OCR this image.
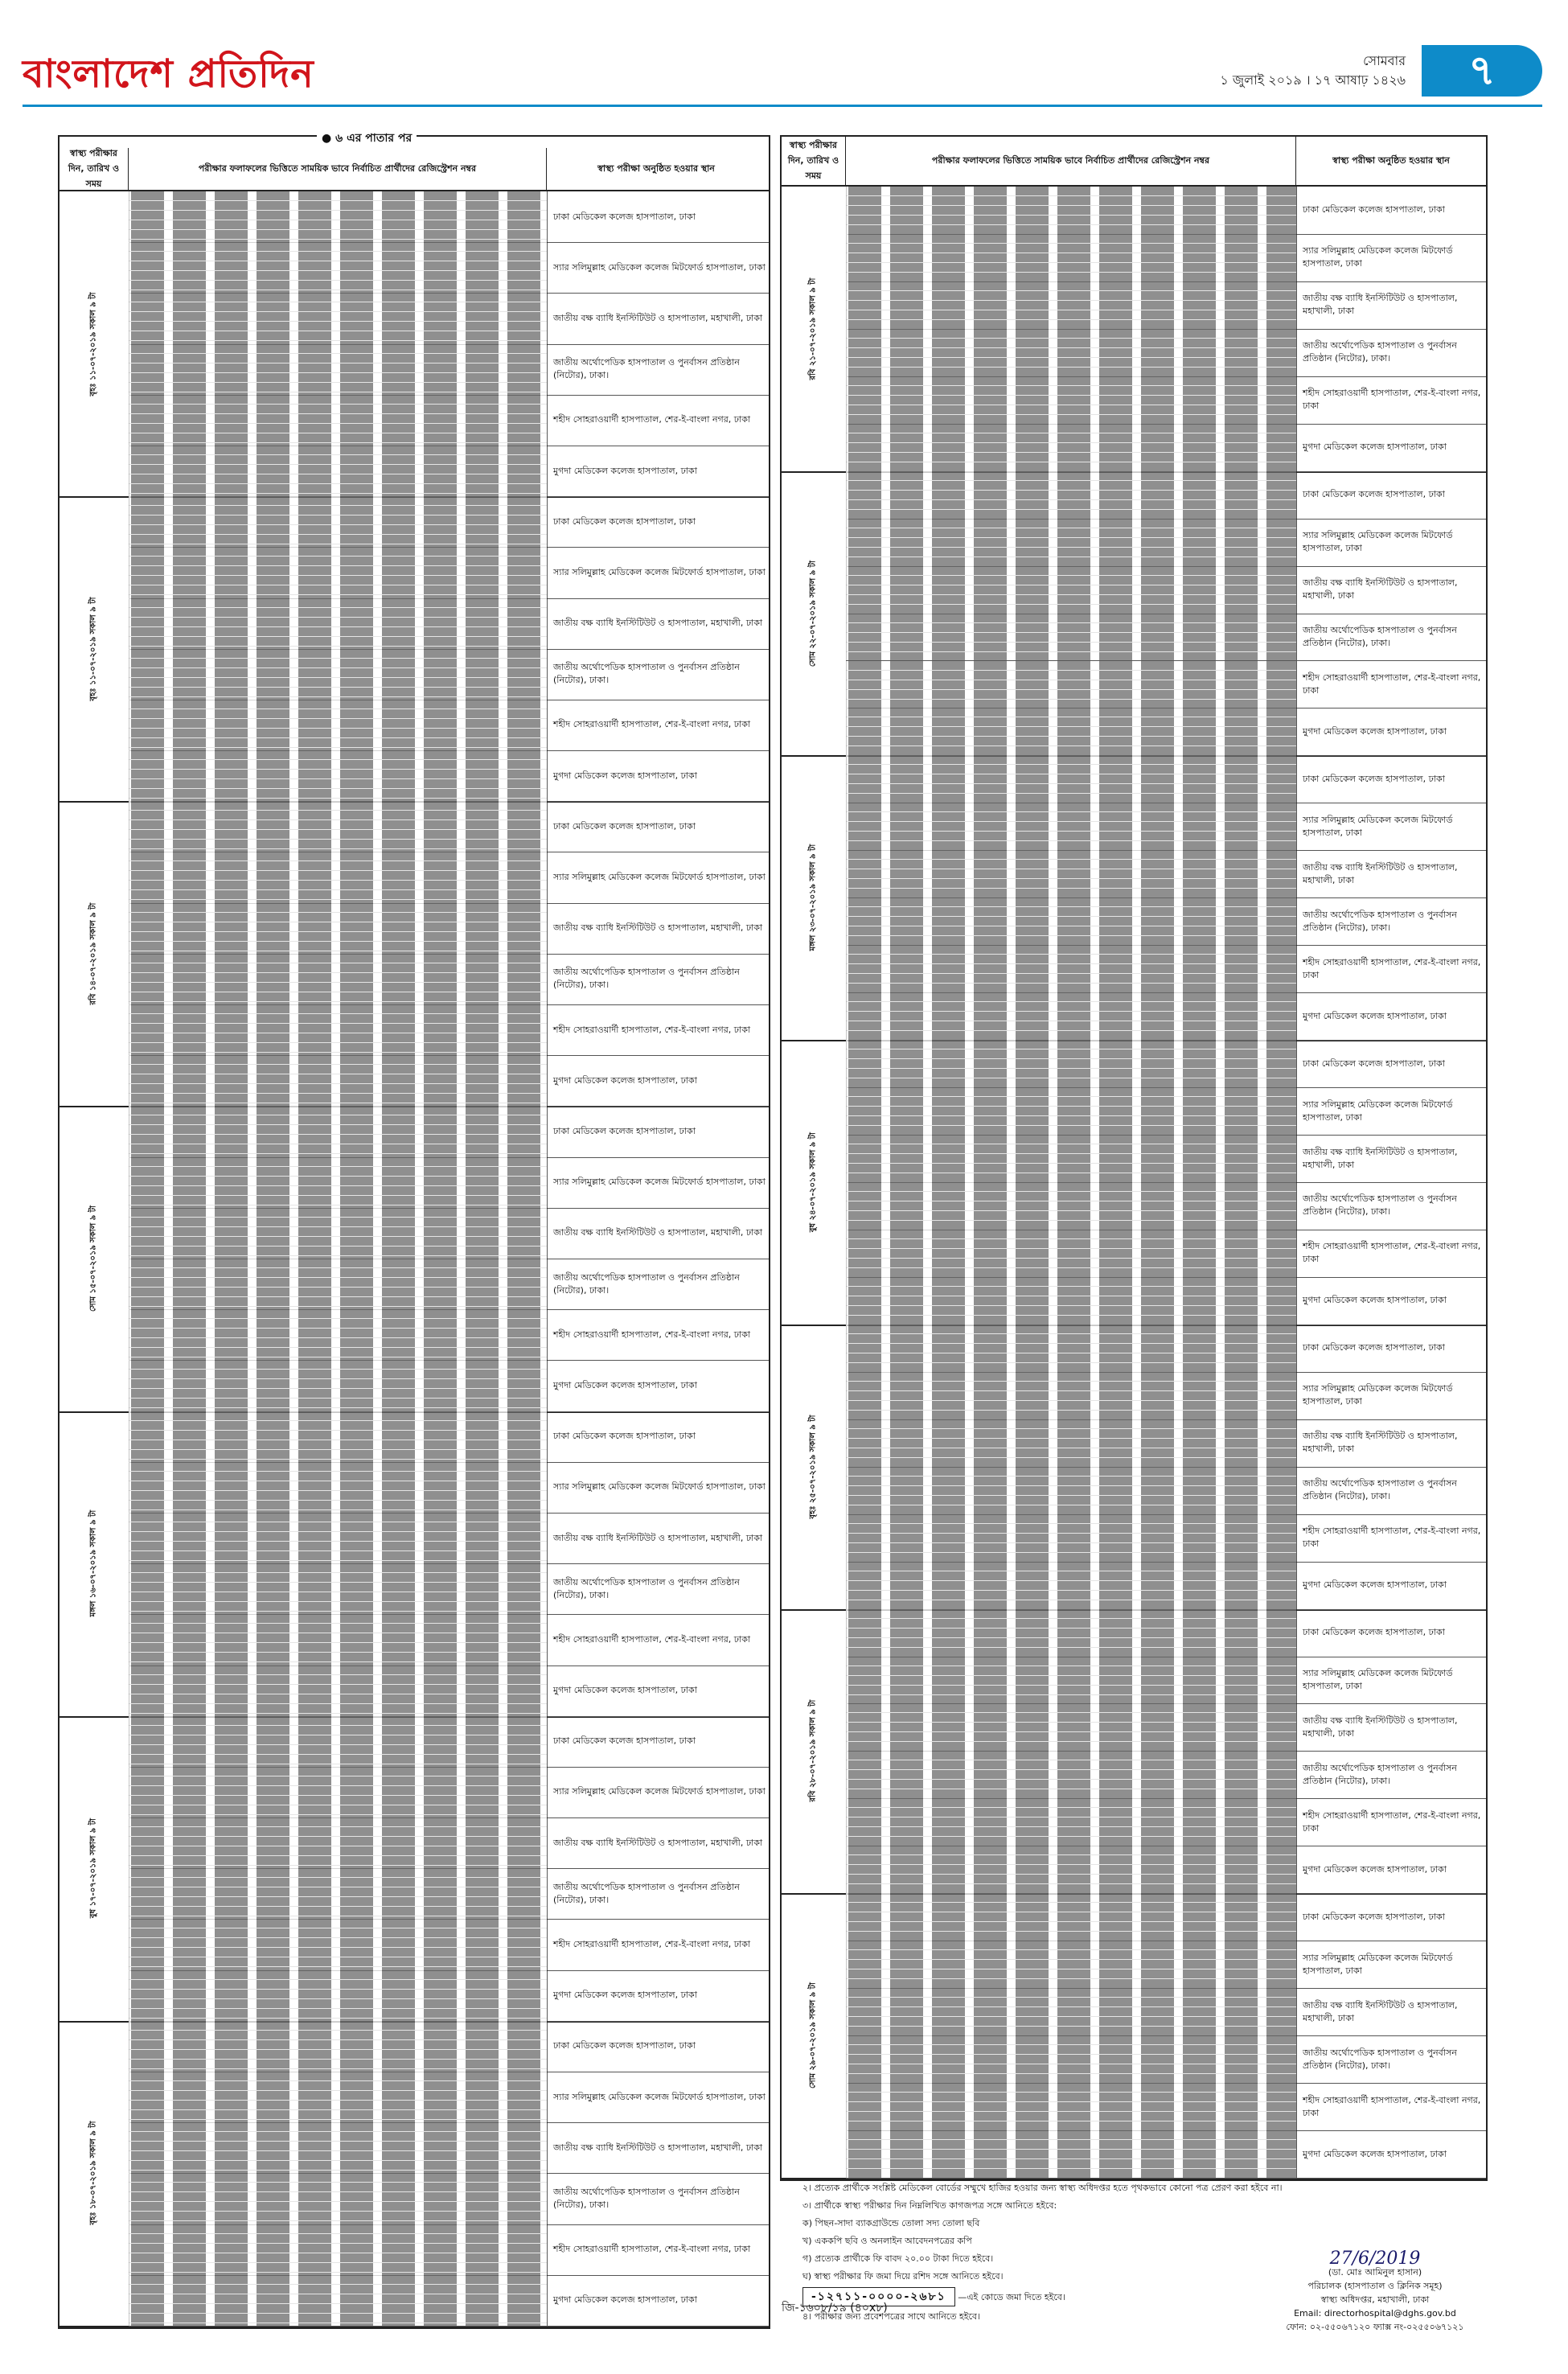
বাংলাদেশ প্রতিদিন	সোমবার
১ জুলাই ২০১৯ । ১৭ আষাঢ় ১৪২৬	৭
● ৬ এর পাতার পর
স্বাস্থ্য পরীক্ষার দিন, তারিখ ও সময়
পরীক্ষার ফলাফলের ভিত্তিতে সাময়িক ভাবে নির্বাচিত প্রার্থীদের রেজিস্ট্রেশন নম্বর	স্বাস্থ্য পরীক্ষা অনুষ্ঠিত হওয়ার স্থান
বৃহঃ ১১-০৭-২০১৯ সকাল ৯ টা
ঢাকা মেডিকেল কলেজ হাসপাতাল, ঢাকা
স্যার সলিমুল্লাহ মেডিকেল কলেজ মিটফোর্ড হাসপাতাল, ঢাকা
জাতীয় বক্ষ ব্যাধি ইনস্টিটিউট ও হাসপাতাল, মহাখালী, ঢাকা
জাতীয় অর্থোপেডিক হাসপাতাল ও পুনর্বাসন প্রতিষ্ঠান (নিটোর), ঢাকা।
শহীদ সোহরাওয়ার্দী হাসপাতাল, শের-ই-বাংলা নগর, ঢাকা
মুগদা মেডিকেল কলেজ হাসপাতাল, ঢাকা
বৃহঃ ১১-০৭-২০১৯ সকাল ৯ টা
ঢাকা মেডিকেল কলেজ হাসপাতাল, ঢাকা
স্যার সলিমুল্লাহ মেডিকেল কলেজ মিটফোর্ড হাসপাতাল, ঢাকা
জাতীয় বক্ষ ব্যাধি ইনস্টিটিউট ও হাসপাতাল, মহাখালী, ঢাকা
জাতীয় অর্থোপেডিক হাসপাতাল ও পুনর্বাসন প্রতিষ্ঠান (নিটোর), ঢাকা।
শহীদ সোহরাওয়ার্দী হাসপাতাল, শের-ই-বাংলা নগর, ঢাকা
মুগদা মেডিকেল কলেজ হাসপাতাল, ঢাকা
রবি ১৪-০৭-২০১৯ সকাল ৯ টা
ঢাকা মেডিকেল কলেজ হাসপাতাল, ঢাকা
স্যার সলিমুল্লাহ মেডিকেল কলেজ মিটফোর্ড হাসপাতাল, ঢাকা
জাতীয় বক্ষ ব্যাধি ইনস্টিটিউট ও হাসপাতাল, মহাখালী, ঢাকা
জাতীয় অর্থোপেডিক হাসপাতাল ও পুনর্বাসন প্রতিষ্ঠান (নিটোর), ঢাকা।
শহীদ সোহরাওয়ার্দী হাসপাতাল, শের-ই-বাংলা নগর, ঢাকা
মুগদা মেডিকেল কলেজ হাসপাতাল, ঢাকা
সোম ১৫-০৭-২০১৯ সকাল ৯ টা
ঢাকা মেডিকেল কলেজ হাসপাতাল, ঢাকা
স্যার সলিমুল্লাহ মেডিকেল কলেজ মিটফোর্ড হাসপাতাল, ঢাকা
জাতীয় বক্ষ ব্যাধি ইনস্টিটিউট ও হাসপাতাল, মহাখালী, ঢাকা
জাতীয় অর্থোপেডিক হাসপাতাল ও পুনর্বাসন প্রতিষ্ঠান (নিটোর), ঢাকা।
শহীদ সোহরাওয়ার্দী হাসপাতাল, শের-ই-বাংলা নগর, ঢাকা
মুগদা মেডিকেল কলেজ হাসপাতাল, ঢাকা
মঙ্গল ১৬-০৭-২০১৯ সকাল ৯ টা
ঢাকা মেডিকেল কলেজ হাসপাতাল, ঢাকা
স্যার সলিমুল্লাহ মেডিকেল কলেজ মিটফোর্ড হাসপাতাল, ঢাকা
জাতীয় বক্ষ ব্যাধি ইনস্টিটিউট ও হাসপাতাল, মহাখালী, ঢাকা
জাতীয় অর্থোপেডিক হাসপাতাল ও পুনর্বাসন প্রতিষ্ঠান (নিটোর), ঢাকা।
শহীদ সোহরাওয়ার্দী হাসপাতাল, শের-ই-বাংলা নগর, ঢাকা
মুগদা মেডিকেল কলেজ হাসপাতাল, ঢাকা
বুধ ১৭-০৭-২০১৯ সকাল ৯ টা
ঢাকা মেডিকেল কলেজ হাসপাতাল, ঢাকা
স্যার সলিমুল্লাহ মেডিকেল কলেজ মিটফোর্ড হাসপাতাল, ঢাকা
জাতীয় বক্ষ ব্যাধি ইনস্টিটিউট ও হাসপাতাল, মহাখালী, ঢাকা
জাতীয় অর্থোপেডিক হাসপাতাল ও পুনর্বাসন প্রতিষ্ঠান (নিটোর), ঢাকা।
শহীদ সোহরাওয়ার্দী হাসপাতাল, শের-ই-বাংলা নগর, ঢাকা
মুগদা মেডিকেল কলেজ হাসপাতাল, ঢাকা
বৃহঃ ১৮-০৭-২০১৯ সকাল ৯ টা
ঢাকা মেডিকেল কলেজ হাসপাতাল, ঢাকা
স্যার সলিমুল্লাহ মেডিকেল কলেজ মিটফোর্ড হাসপাতাল, ঢাকা
জাতীয় বক্ষ ব্যাধি ইনস্টিটিউট ও হাসপাতাল, মহাখালী, ঢাকা
জাতীয় অর্থোপেডিক হাসপাতাল ও পুনর্বাসন প্রতিষ্ঠান (নিটোর), ঢাকা।
শহীদ সোহরাওয়ার্দী হাসপাতাল, শের-ই-বাংলা নগর, ঢাকা
মুগদা মেডিকেল কলেজ হাসপাতাল, ঢাকা
স্বাস্থ্য পরীক্ষার দিন, তারিখ ও সময়
পরীক্ষার ফলাফলের ভিত্তিতে সাময়িক ভাবে নির্বাচিত প্রার্থীদের রেজিস্ট্রেশন নম্বর	স্বাস্থ্য পরীক্ষা অনুষ্ঠিত হওয়ার স্থান
রবি ২১-০৭-২০১৯ সকাল ৯ টা
ঢাকা মেডিকেল কলেজ হাসপাতাল, ঢাকা
স্যার সলিমুল্লাহ মেডিকেল কলেজ মিটফোর্ড হাসপাতাল, ঢাকা
জাতীয় বক্ষ ব্যাধি ইনস্টিটিউট ও হাসপাতাল, মহাখালী, ঢাকা
জাতীয় অর্থোপেডিক হাসপাতাল ও পুনর্বাসন প্রতিষ্ঠান (নিটোর), ঢাকা।
শহীদ সোহরাওয়ার্দী হাসপাতাল, শের-ই-বাংলা নগর, ঢাকা
মুগদা মেডিকেল কলেজ হাসপাতাল, ঢাকা
সোম ২২-০৭-২০১৯ সকাল ৯ টা
ঢাকা মেডিকেল কলেজ হাসপাতাল, ঢাকা
স্যার সলিমুল্লাহ মেডিকেল কলেজ মিটফোর্ড হাসপাতাল, ঢাকা
জাতীয় বক্ষ ব্যাধি ইনস্টিটিউট ও হাসপাতাল, মহাখালী, ঢাকা
জাতীয় অর্থোপেডিক হাসপাতাল ও পুনর্বাসন প্রতিষ্ঠান (নিটোর), ঢাকা।
শহীদ সোহরাওয়ার্দী হাসপাতাল, শের-ই-বাংলা নগর, ঢাকা
মুগদা মেডিকেল কলেজ হাসপাতাল, ঢাকা
মঙ্গল ২৩-০৭-২০১৯ সকাল ৯ টা
ঢাকা মেডিকেল কলেজ হাসপাতাল, ঢাকা
স্যার সলিমুল্লাহ মেডিকেল কলেজ মিটফোর্ড হাসপাতাল, ঢাকা
জাতীয় বক্ষ ব্যাধি ইনস্টিটিউট ও হাসপাতাল, মহাখালী, ঢাকা
জাতীয় অর্থোপেডিক হাসপাতাল ও পুনর্বাসন প্রতিষ্ঠান (নিটোর), ঢাকা।
শহীদ সোহরাওয়ার্দী হাসপাতাল, শের-ই-বাংলা নগর, ঢাকা
মুগদা মেডিকেল কলেজ হাসপাতাল, ঢাকা
বুধ ২৪-০৭-২০১৯ সকাল ৯ টা
ঢাকা মেডিকেল কলেজ হাসপাতাল, ঢাকা
স্যার সলিমুল্লাহ মেডিকেল কলেজ মিটফোর্ড হাসপাতাল, ঢাকা
জাতীয় বক্ষ ব্যাধি ইনস্টিটিউট ও হাসপাতাল, মহাখালী, ঢাকা
জাতীয় অর্থোপেডিক হাসপাতাল ও পুনর্বাসন প্রতিষ্ঠান (নিটোর), ঢাকা।
শহীদ সোহরাওয়ার্দী হাসপাতাল, শের-ই-বাংলা নগর, ঢাকা
মুগদা মেডিকেল কলেজ হাসপাতাল, ঢাকা
বৃহঃ ২৫-০৭-২০১৯ সকাল ৯ টা
ঢাকা মেডিকেল কলেজ হাসপাতাল, ঢাকা
স্যার সলিমুল্লাহ মেডিকেল কলেজ মিটফোর্ড হাসপাতাল, ঢাকা
জাতীয় বক্ষ ব্যাধি ইনস্টিটিউট ও হাসপাতাল, মহাখালী, ঢাকা
জাতীয় অর্থোপেডিক হাসপাতাল ও পুনর্বাসন প্রতিষ্ঠান (নিটোর), ঢাকা।
শহীদ সোহরাওয়ার্দী হাসপাতাল, শের-ই-বাংলা নগর, ঢাকা
মুগদা মেডিকেল কলেজ হাসপাতাল, ঢাকা
রবি ২৮-০৭-২০১৯ সকাল ৯ টা
ঢাকা মেডিকেল কলেজ হাসপাতাল, ঢাকা
স্যার সলিমুল্লাহ মেডিকেল কলেজ মিটফোর্ড হাসপাতাল, ঢাকা
জাতীয় বক্ষ ব্যাধি ইনস্টিটিউট ও হাসপাতাল, মহাখালী, ঢাকা
জাতীয় অর্থোপেডিক হাসপাতাল ও পুনর্বাসন প্রতিষ্ঠান (নিটোর), ঢাকা।
শহীদ সোহরাওয়ার্দী হাসপাতাল, শের-ই-বাংলা নগর, ঢাকা
মুগদা মেডিকেল কলেজ হাসপাতাল, ঢাকা
সোম ২৯-০৭-২০১৯ সকাল ৯ টা
ঢাকা মেডিকেল কলেজ হাসপাতাল, ঢাকা
স্যার সলিমুল্লাহ মেডিকেল কলেজ মিটফোর্ড হাসপাতাল, ঢাকা
জাতীয় বক্ষ ব্যাধি ইনস্টিটিউট ও হাসপাতাল, মহাখালী, ঢাকা
জাতীয় অর্থোপেডিক হাসপাতাল ও পুনর্বাসন প্রতিষ্ঠান (নিটোর), ঢাকা।
শহীদ সোহরাওয়ার্দী হাসপাতাল, শের-ই-বাংলা নগর, ঢাকা
মুগদা মেডিকেল কলেজ হাসপাতাল, ঢাকা

২। প্রত্যেক প্রার্থীকে সংশ্লিষ্ট মেডিকেল বোর্ডের সম্মুখে হাজির হওয়ার জন্য স্বাস্থ্য অধিদপ্তর হতে পৃথকভাবে কোনো পত্র প্রেরণ করা হইবে না।

৩। প্রার্থীকে স্বাস্থ্য পরীক্ষার দিন নিম্নলিখিত কাগজপত্র সঙ্গে আনিতে হইবে:

ক) পিছন-সাদা ব্যাকগ্রাউন্ডে তোলা সদ্য তোলা ছবি

খ) এককপি ছবি ও অনলাইন আবেদনপত্রের কপি

গ) প্রত্যেক প্রার্থীকে ফি বাবদ ২০.০০ টাকা দিতে হইবে।

ঘ) স্বাস্থ্য পরীক্ষার ফি জমা দিয়ে রশিদ সঙ্গে আনিতে হইবে।

-১২৭১১-০০০০-২৬৮১ —এই কোডে জমা দিতে হইবে।

৪। পরীক্ষার জন্য প্রবেশপত্রের সাথে আনিতে হইবে।

27/6/2019
(ডা. মোঃ আমিনুল হাসান)
পরিচালক (হাসপাতাল ও ক্লিনিক সমূহ)
স্বাস্থ্য অধিদপ্তর, মহাখালী, ঢাকা
Email: directorhospital@dghs.gov.bd
ফোন: ০২-৫৫০৬৭১২০ ফ্যাক্স নং-০২৫৫০৬৭১২১
জি-১৬০৮/১৯ (৪০x৮)
